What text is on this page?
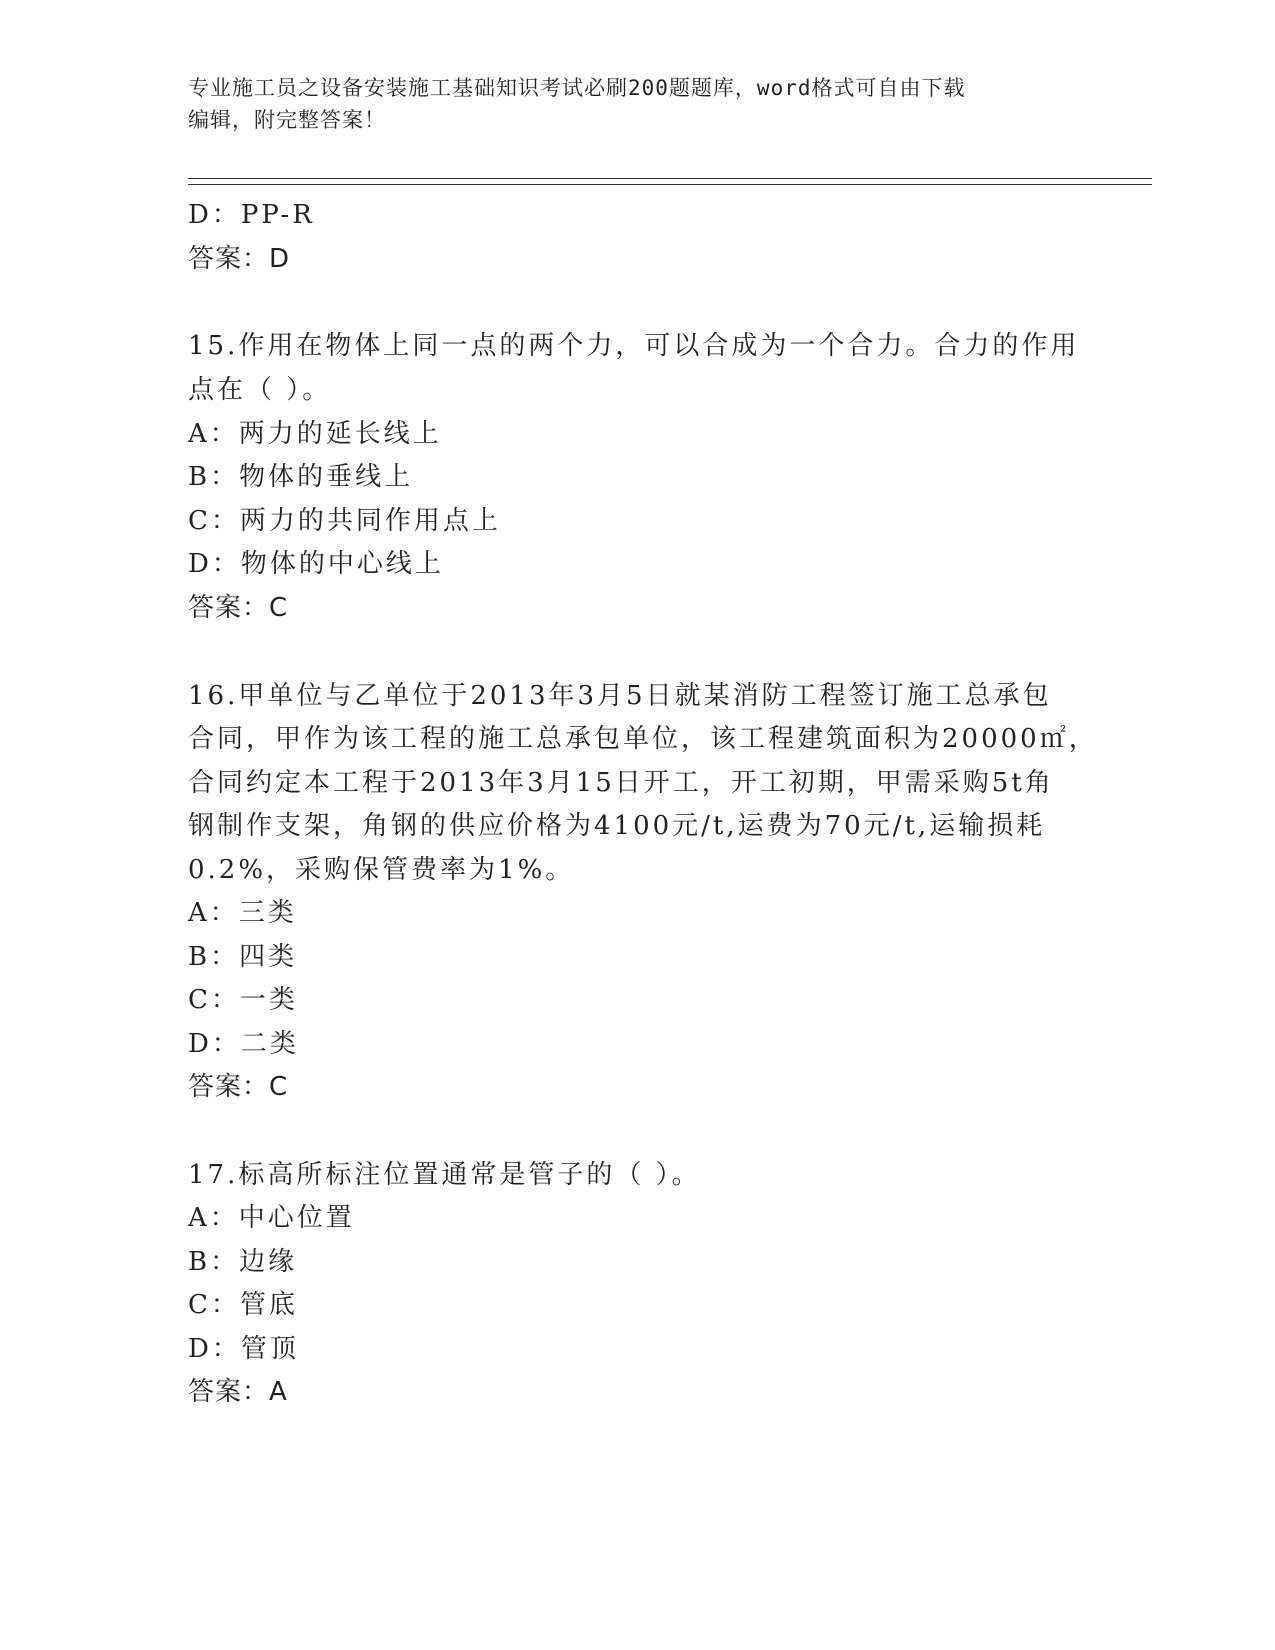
专业施工员之设备安装施工基础知识考试必刷200题题库，word格式可自由下载
编辑，附完整答案！
D：PP-R
答案：D
15.作用在物体上同一点的两个力，可以合成为一个合力。合力的作用
点在（ ）。
A：两力的延长线上
B：物体的垂线上
C：两力的共同作用点上
D：物体的中心线上
答案：C
16.甲单位与乙单位于2013年3月5日就某消防工程签订施工总承包
合同，甲作为该工程的施工总承包单位，该工程建筑面积为20000㎡，
合同约定本工程于2013年3月15日开工，开工初期，甲需采购5t角
钢制作支架，角钢的供应价格为4100元/t,运费为70元/t,运输损耗
0.2%，采购保管费率为1%。
A：三类
B：四类
C：一类
D：二类
答案：C
17.标高所标注位置通常是管子的（ ）。
A：中心位置
B：边缘
C：管底
D：管顶
答案：A
